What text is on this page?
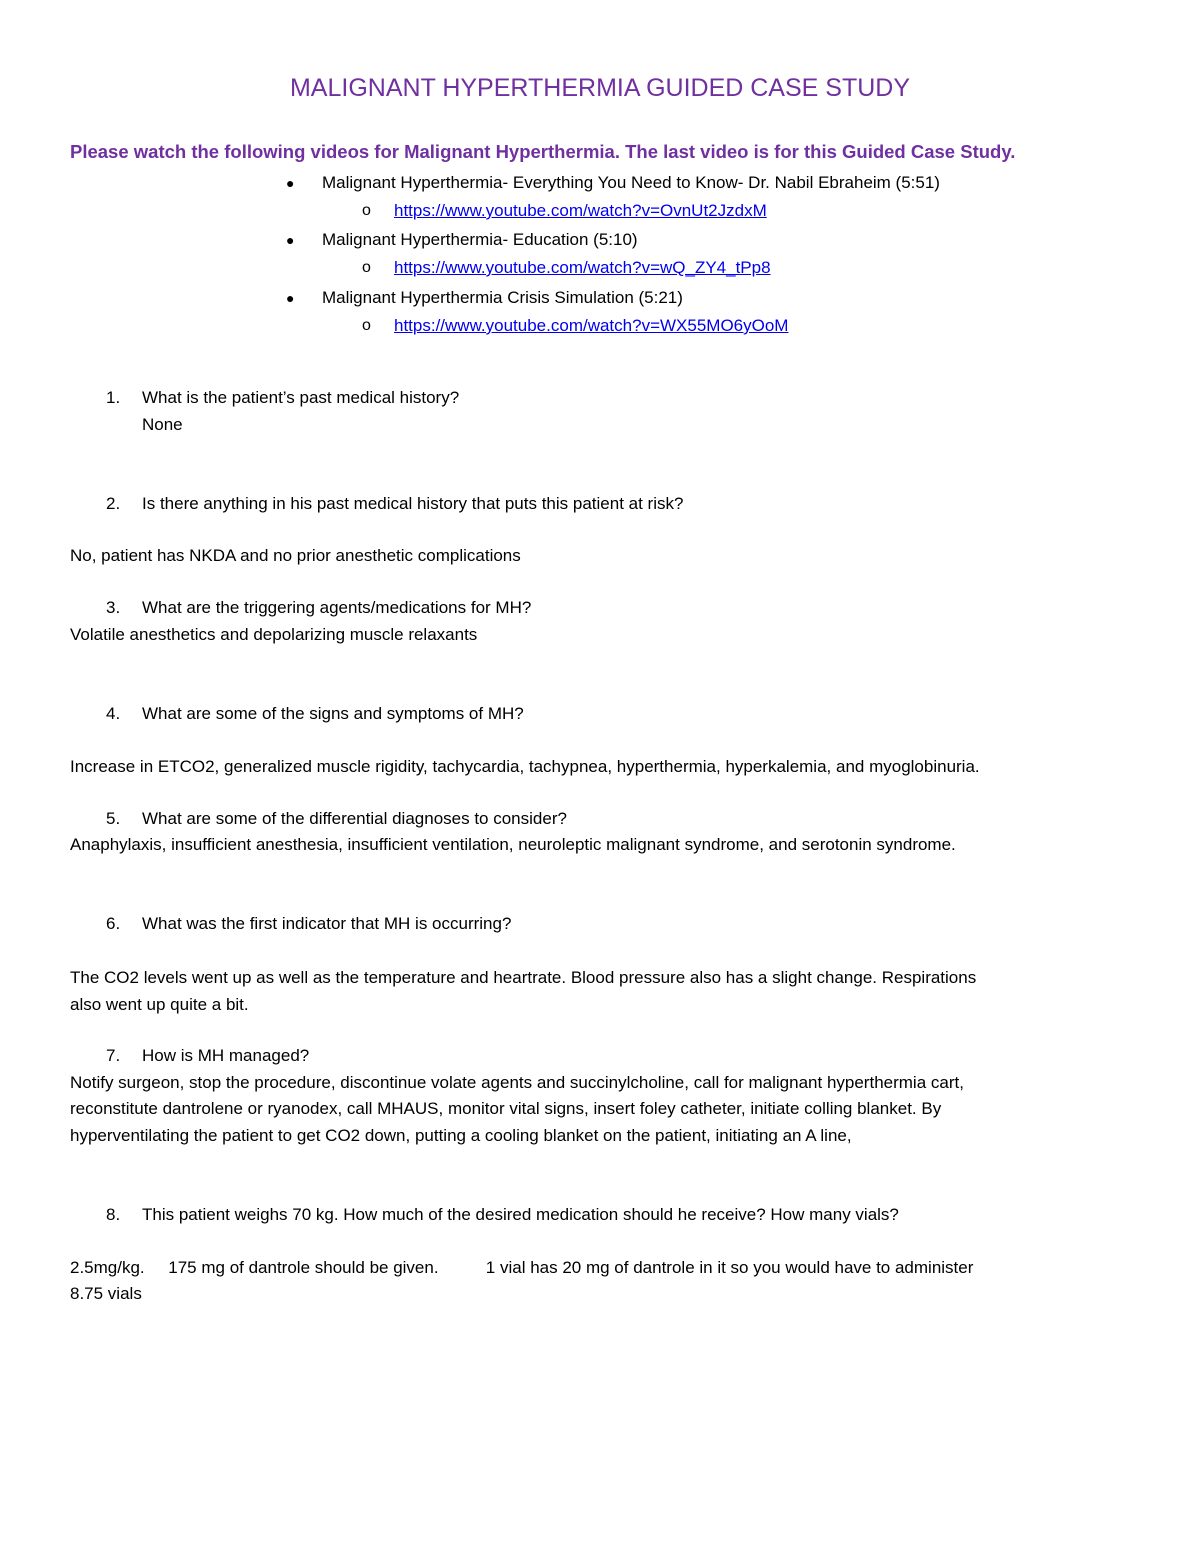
MALIGNANT HYPERTHERMIA GUIDED CASE STUDY
Please watch the following videos for Malignant Hyperthermia. The last video is for this Guided Case Study.
● Malignant Hyperthermia- Everything You Need to Know- Dr. Nabil Ebraheim (5:51)
o https://www.youtube.com/watch?v=OvnUt2JzdxM
● Malignant Hyperthermia- Education (5:10)
o https://www.youtube.com/watch?v=wQ_ZY4_tPp8
● Malignant Hyperthermia Crisis Simulation (5:21)
o https://www.youtube.com/watch?v=WX55MO6yOoM
1. What is the patient’s past medical history?
None
2. Is there anything in his past medical history that puts this patient at risk?
No, patient has NKDA and no prior anesthetic complications
3. What are the triggering agents/medications for MH?
Volatile anesthetics and depolarizing muscle relaxants
4. What are some of the signs and symptoms of MH?
Increase in ETCO2, generalized muscle rigidity, tachycardia, tachypnea, hyperthermia, hyperkalemia, and myoglobinuria.
5. What are some of the differential diagnoses to consider?
Anaphylaxis, insufficient anesthesia, insufficient ventilation, neuroleptic malignant syndrome, and serotonin syndrome.
6. What was the first indicator that MH is occurring?
The CO2 levels went up as well as the temperature and heartrate. Blood pressure also has a slight change. Respirations
also went up quite a bit.
7. How is MH managed?
Notify surgeon, stop the procedure, discontinue volate agents and succinylcholine, call for malignant hyperthermia cart,
reconstitute dantrolene or ryanodex, call MHAUS, monitor vital signs, insert foley catheter, initiate colling blanket. By
hyperventilating the patient to get CO2 down, putting a cooling blanket on the patient, initiating an A line,
8. This patient weighs 70 kg. How much of the desired medication should he receive? How many vials?
2.5mg/kg.     175 mg of dantrole should be given.          1 vial has 20 mg of dantrole in it so you would have to administer
8.75 vials
